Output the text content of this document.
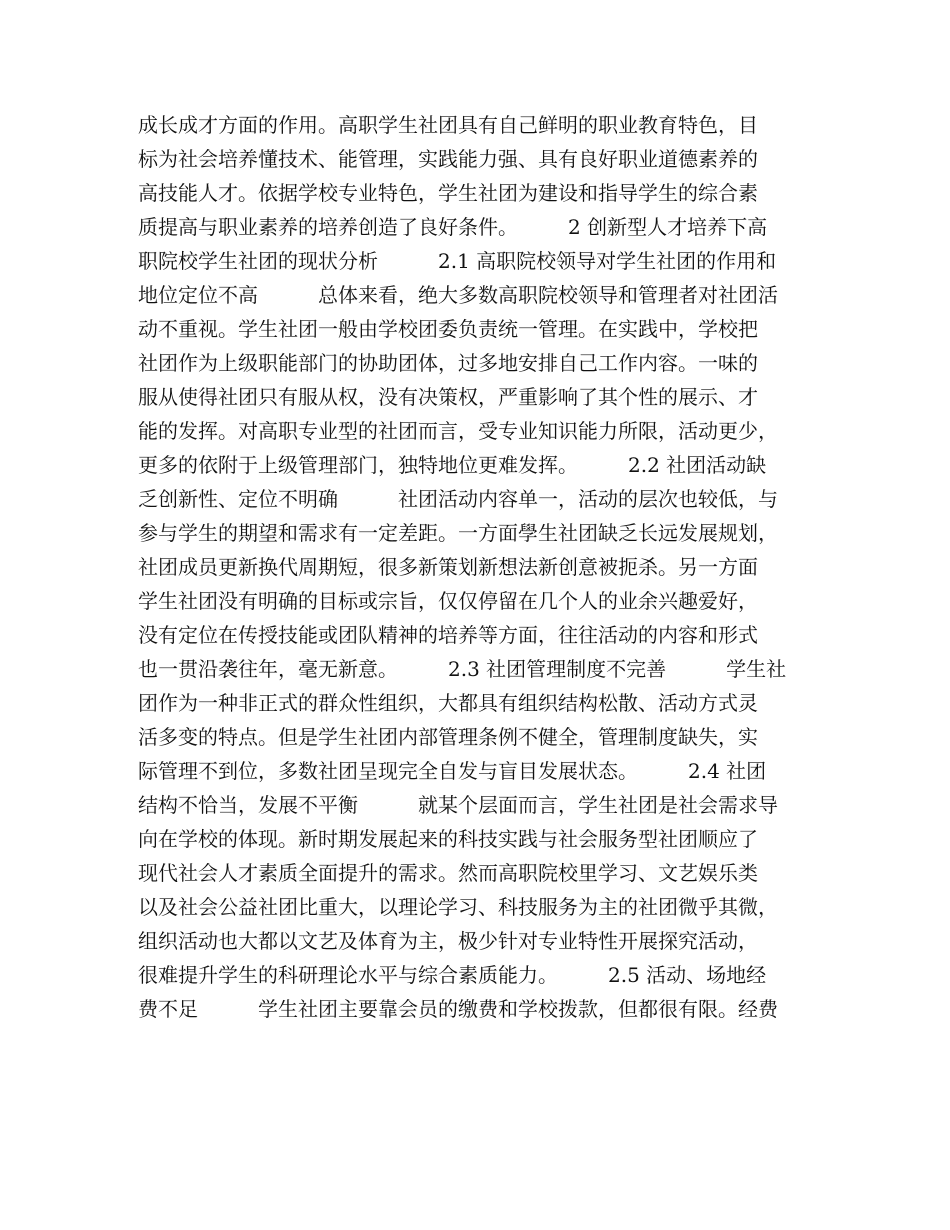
成长成才方面的作用。高职学生社团具有自己鲜明的职业教育特色，目
标为社会培养懂技术、能管理，实践能力强、具有良好职业道德素养的
高技能人才。依据学校专业特色，学生社团为建设和指导学生的综合素
质提高与职业素养的培养创造了良好条件。　　　2 创新型人才培养下高
职院校学生社团的现状分析　　　2.1 高职院校领导对学生社团的作用和
地位定位不高　　　总体来看，绝大多数高职院校领导和管理者对社团活
动不重视。学生社团一般由学校团委负责统一管理。在实践中，学校把
社团作为上级职能部门的协助团体，过多地安排自己工作内容。一味的
服从使得社团只有服从权，没有决策权，严重影响了其个性的展示、才
能的发挥。对高职专业型的社团而言，受专业知识能力所限，活动更少，
更多的依附于上级管理部门，独特地位更难发挥。　　　2.2 社团活动缺
乏创新性、定位不明确　　　社团活动内容单一，活动的层次也较低，与
参与学生的期望和需求有一定差距。一方面學生社团缺乏长远发展规划，
社团成员更新换代周期短，很多新策划新想法新创意被扼杀。另一方面
学生社团没有明确的目标或宗旨，仅仅停留在几个人的业余兴趣爱好，
没有定位在传授技能或团队精神的培养等方面，往往活动的内容和形式
也一贯沿袭往年，毫无新意。　　　2.3 社团管理制度不完善　　　学生社
团作为一种非正式的群众性组织，大都具有组织结构松散、活动方式灵
活多变的特点。但是学生社团内部管理条例不健全，管理制度缺失，实
际管理不到位，多数社团呈现完全自发与盲目发展状态。　　　2.4 社团
结构不恰当，发展不平衡　　　就某个层面而言，学生社团是社会需求导
向在学校的体现。新时期发展起来的科技实践与社会服务型社团顺应了
现代社会人才素质全面提升的需求。然而高职院校里学习、文艺娱乐类
以及社会公益社团比重大，以理论学习、科技服务为主的社团微乎其微，
组织活动也大都以文艺及体育为主，极少针对专业特性开展探究活动，
很难提升学生的科研理论水平与综合素质能力。　　　2.5 活动、场地经
费不足　　　学生社团主要靠会员的缴费和学校拨款，但都很有限。经费
